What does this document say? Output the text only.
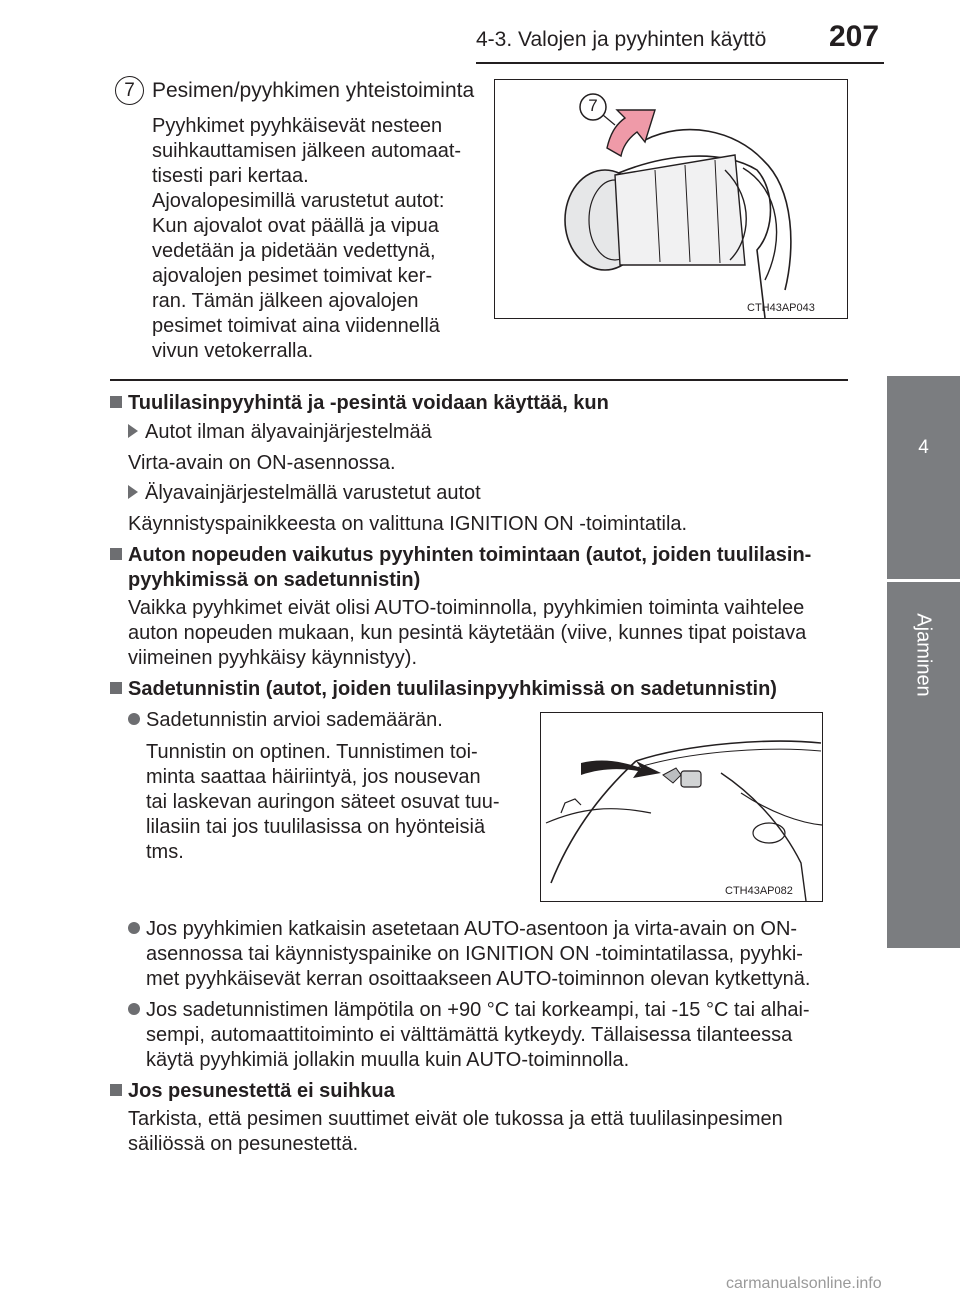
4-3. Valojen ja pyyhinten käyttö 207
4
Ajaminen
7 Pesimen/pyyhkimen yhteistoiminta
Pyyhkimet pyyhkäisevät nesteen
suihkauttamisen jälkeen automaat-
tisesti pari kertaa.
Ajovalopesimillä varustetut autot:
Kun ajovalot ovat päällä ja vipua
vedetään ja pidetään vedettynä,
ajovalojen pesimet toimivat ker-
ran. Tämän jälkeen ajovalojen
pesimet toimivat aina viidennellä
vivun vetokerralla.
7
CTH43AP043
Tuulilasinpyyhintä ja -pesintä voidaan käyttää, kun
Autot ilman älyavainjärjestelmää
Virta-avain on ON-asennossa.
Älyavainjärjestelmällä varustetut autot
Käynnistyspainikkeesta on valittuna IGNITION ON -toimintatila.
Auton nopeuden vaikutus pyyhinten toimintaan (autot, joiden tuulilasin-
pyyhkimissä on sadetunnistin)
Vaikka pyyhkimet eivät olisi AUTO-toiminnolla, pyyhkimien toiminta vaihtelee
auton nopeuden mukaan, kun pesintä käytetään (viive, kunnes tipat poistava
viimeinen pyyhkäisy käynnistyy).
Sadetunnistin (autot, joiden tuulilasinpyyhkimissä on sadetunnistin)
Sadetunnistin arvioi sademäärän.
Tunnistin on optinen. Tunnistimen toi-
minta saattaa häiriintyä, jos nousevan
tai laskevan auringon säteet osuvat tuu-
lilasiin tai jos tuulilasissa on hyönteisiä
tms.
CTH43AP082
Jos pyyhkimien katkaisin asetetaan AUTO-asentoon ja virta-avain on ON-
asennossa tai käynnistyspainike on IGNITION ON -toimintatilassa, pyyhki-
met pyyhkäisevät kerran osoittaakseen AUTO-toiminnon olevan kytkettynä.
Jos sadetunnistimen lämpötila on +90 °C tai korkeampi, tai -15 °C tai alhai-
sempi, automaattitoiminto ei välttämättä kytkeydy. Tällaisessa tilanteessa
käytä pyyhkimiä jollakin muulla kuin AUTO-toiminnolla.
Jos pesunestettä ei suihkua
Tarkista, että pesimen suuttimet eivät ole tukossa ja että tuulilasinpesimen
säiliössä on pesunestettä.
carmanualsonline.info
